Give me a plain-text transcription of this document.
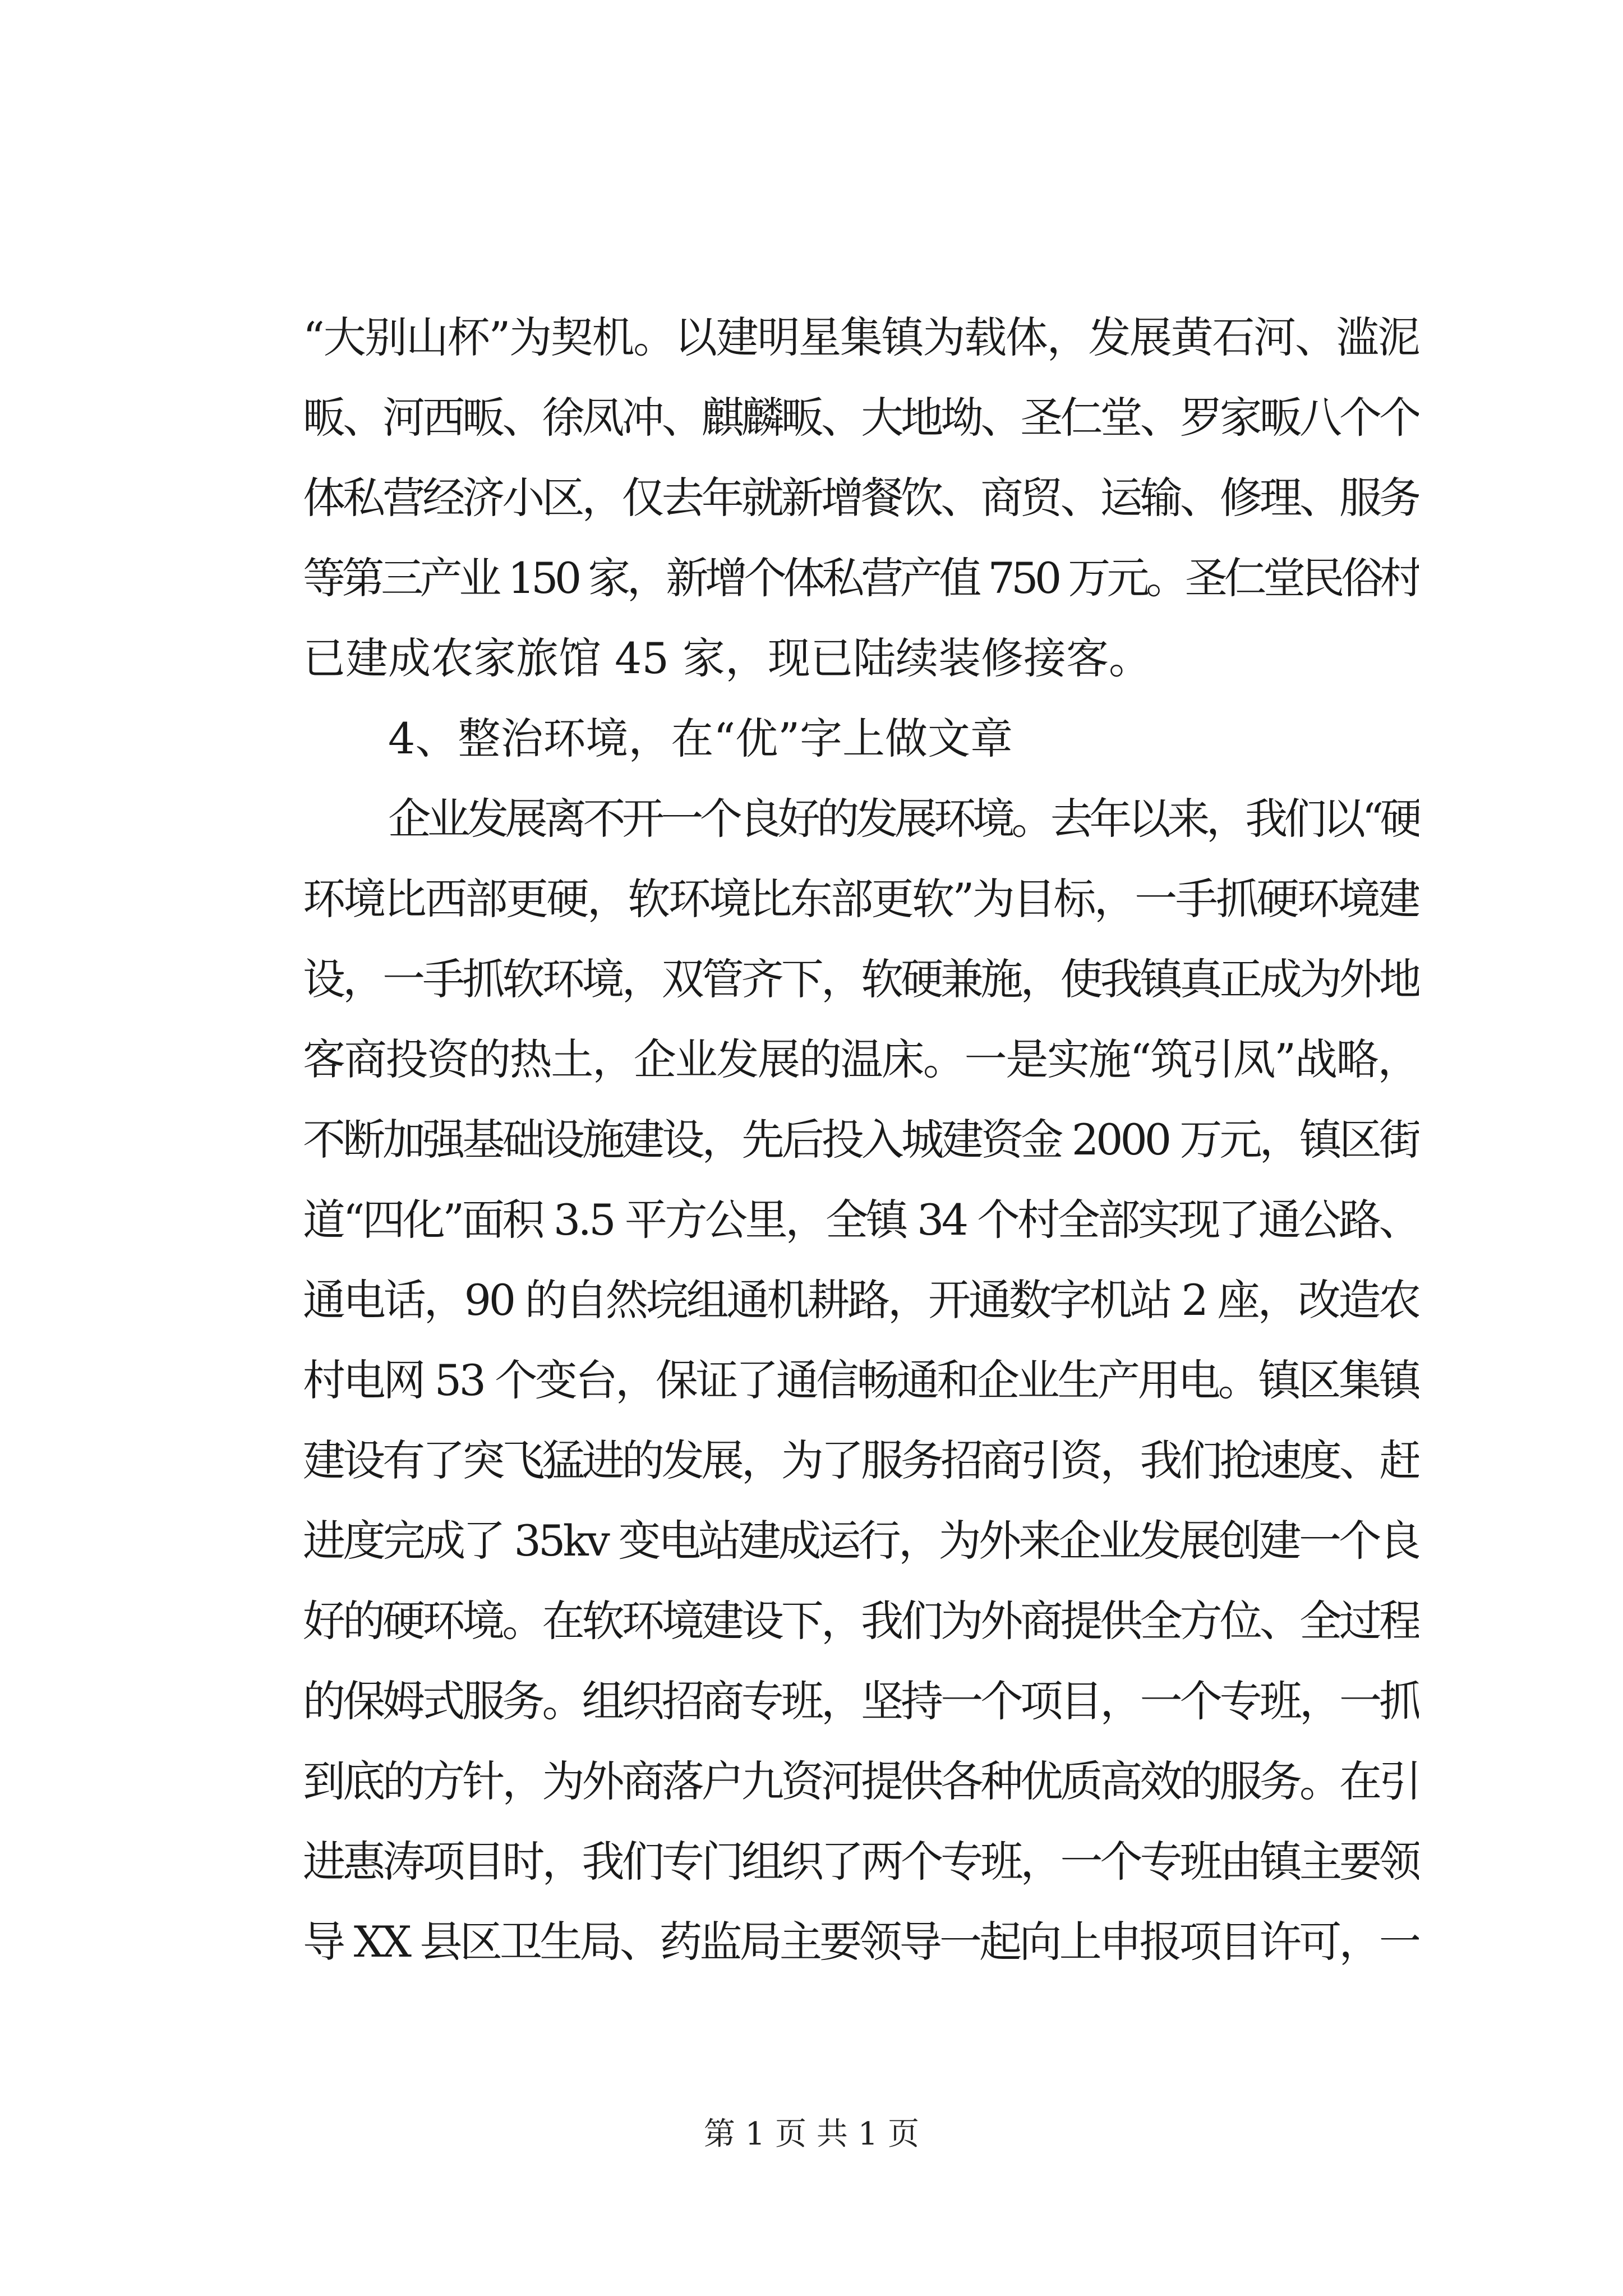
“大别山杯”为契机。以建明星集镇为载体，发展黄石河、滥泥
畈、河西畈、徐凤冲、麒麟畈、大地坳、圣仁堂、罗家畈八个个
体私营经济小区，仅去年就新增餐饮、商贸、运输、修理、服务
等第三产业 150 家，新增个体私营产值 750 万元。圣仁堂民俗村
已建成农家旅馆 45 家，现已陆续装修接客。
4、整治环境，在“优”字上做文章
企业发展离不开一个良好的发展环境。去年以来，我们以“硬
环境比西部更硬，软环境比东部更软”为目标，一手抓硬环境建
设，一手抓软环境，双管齐下，软硬兼施，使我镇真正成为外地
客商投资的热土，企业发展的温床。一是实施“筑引凤”战略，
不断加强基础设施建设，先后投入城建资金 2000 万元，镇区街
道“四化”面积 3.5 平方公里，全镇 34 个村全部实现了通公路、
通电话，90 的自然垸组通机耕路，开通数字机站 2 座，改造农
村电网 53 个变台，保证了通信畅通和企业生产用电。镇区集镇
建设有了突飞猛进的发展，为了服务招商引资，我们抢速度、赶
进度完成了 35kv 变电站建成运行，为外来企业发展创建一个良
好的硬环境。在软环境建设下，我们为外商提供全方位、全过程
的保姆式服务。组织招商专班，坚持一个项目，一个专班，一抓
到底的方针，为外商落户九资河提供各种优质高效的服务。在引
进惠涛项目时，我们专门组织了两个专班，一个专班由镇主要领
导 XX 县区卫生局、药监局主要领导一起向上申报项目许可，一
第 1 页 共 1 页
